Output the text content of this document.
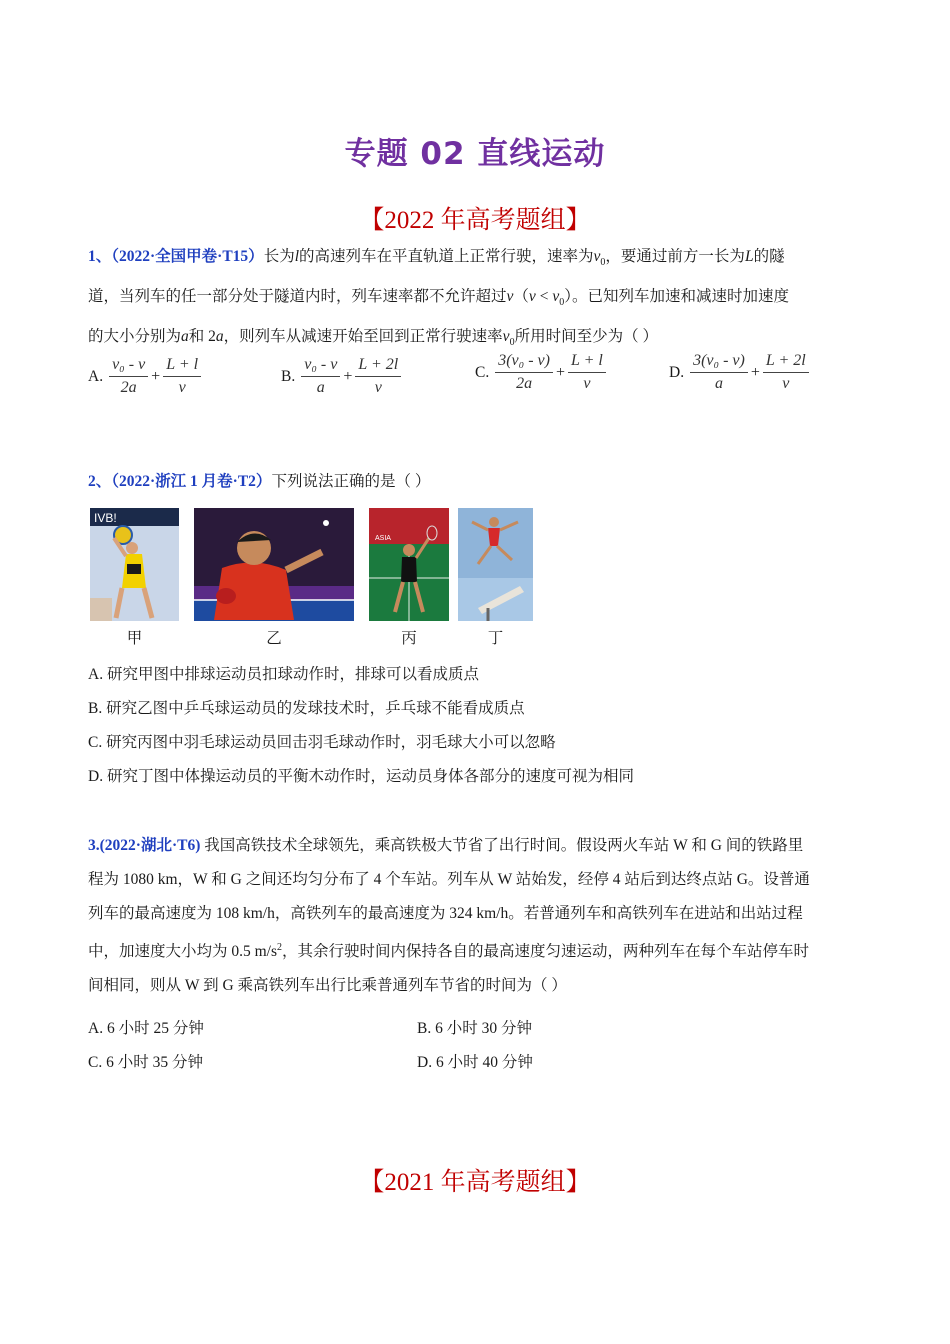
专题 02 直线运动
【2022 年高考题组】
1、（2022·全国甲卷·T15）长为l的高速列车在平直轨道上正常行驶，速率为$v_0$，要通过前方一长为L的隧
道，当列车的任一部分处于隧道内时，列车速率都不允许超过$v(v < v_0)$。已知列车加速和减速时加速度
的大小分别为a和 2a，则列车从减速开始至回到正常行驶速率$v_0$所用时间至少为（ ）
A. $\frac{\text{v₀ - v}}{2a} + \frac{L + l}{v}$	B. $\frac{\text{v₀ - v}}{a} + \frac{L + 2l}{v}$	C. $\frac{\text{3(v₀ - v)}}{2a} + \frac{L + l}{v}$	D. $\frac{\text{3(v₀ - v)}}{a} + \frac{L + 2l}{v}$
2、（2022·浙江 1 月卷·T2）下列说法正确的是（ ）
IVB!
ASIA
甲	乙	丙	丁
A. 研究甲图中排球运动员扣球动作时，排球可以看成质点
B. 研究乙图中乒乓球运动员的发球技术时，乒乓球不能看成质点
C. 研究丙图中羽毛球运动员回击羽毛球动作时，羽毛球大小可以忽略
D. 研究丁图中体操运动员的平衡木动作时，运动员身体各部分的速度可视为相同
3.(2022·湖北·T6) 我国高铁技术全球领先，乘高铁极大节省了出行时间。假设两火车站 W 和 G 间的铁路里
程为 1080 km，W 和 G 之间还均匀分布了 4 个车站。列车从 W 站始发，经停 4 站后到达终点站 G。设普通
列车的最高速度为 108 km/h，高铁列车的最高速度为 324 km/h。若普通列车和高铁列车在进站和出站过程
中，加速度大小均为 0.5 $m/s^2$，其余行驶时间内保持各自的最高速度匀速运动，两种列车在每个车站停车时
间相同，则从 W 到 G 乘高铁列车出行比乘普通列车节省的时间为（ ）
A. 6 小时 25 分钟	B. 6 小时 30 分钟
C. 6 小时 35 分钟	D. 6 小时 40 分钟
【2021 年高考题组】
